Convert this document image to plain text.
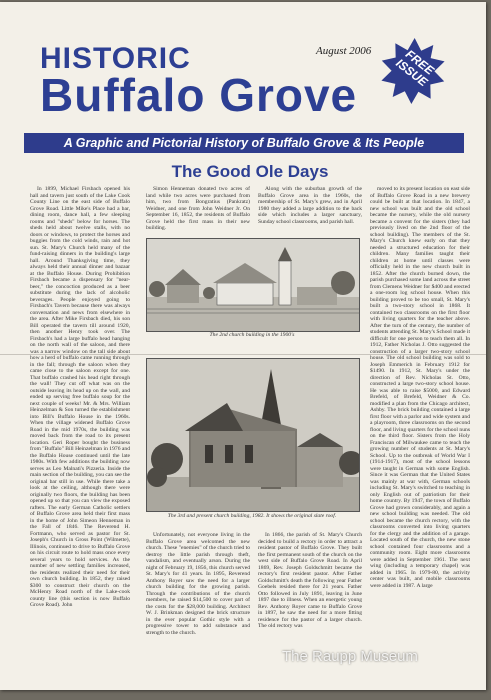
HISTORIC
Buffalo Grove
August 2006	FREE ISSUE
A Graphic and Pictorial History of Buffalo Grove & Its People
The Good Ole Days

In 1899, Michael Firsbach opened his hall and tavern just south of the Lake Cook County Line on the east side of Buffalo Grove Road. Little Mike's Place had a bar, dining room, dance hall, a few sleeping rooms and "sheds" below for horses. The sheds held about twelve stalls, with no doors or windows, to protect the horses and buggies from the cold winds, rain and hot sun. St. Mary's Church held many of the fund-raising dinners in the building's large hall. Around Thanksgiving time, they always held their annual dinner and bazaar at the Buffalo House. During Prohibition Firsbach became a dispensary for "near-beer," the concoction produced as a beer substitute during the lack of alcoholic beverages. People enjoyed going to Firsbach's Tavern because there was always conversation and news from elsewhere in the area. After Mike Firsbach died, his son Bill operated the tavern till around 1920, then another Henry took over. The Firsbach's had a large buffalo head hanging on the north wall of the saloon, and there was a narrow window on the tall side about how a herd of buffalo came running through in the fall; through the saloon when they came close to the saloon except for one. That buffalo crashed his head right through the wall! They cut off what was on the outside leaving its head up on the wall, and ended up serving free buffalo soup for the next couple of weeks! Mr. & Mrs. William Heinzelman & Son turned the establishment into Bill's Buffalo House in the 1960s. When the village widened Buffalo Grove Road in the mid 1970s, the building was moved back from the road to its present location. Geri Roper bought the business from "Buffalo" Bill Heinzelman in 1976 and the Buffalo House continued until the late 1980s. With few additions the building now serves as Leo Malnati's Pizzeria. Inside the main section of the building, you can see the original bar still in use. While there take a look at the ceiling, although there were originally two floors, the building has been opened up so that you can view the exposed rafters. The early German Catholic settlers of Buffalo Grove area held their first mass in the home of John Simeon Henneman in the Fall of 1846. The Reverend H. Fortmann, who served as pastor for St. Joseph's Church in Gross Point (Wilmette), Illinois, continued to drive to Buffalo Grove on his circuit route to hold mass once every several years to hold services. As the number of new settling families increased, the residents realized their need for their own church building. In 1852, they raised $300 to construct their church on the McHenry Road north of the Lake-cook county line (this section is now Buffalo Grove Road). John

Simon Henneman donated two acres of land while two acres were purchased from him, two from Bongratius (Pankratz) Weidner, and one from John Weidner Jr. On September 16, 1852, the residents of Buffalo Grove held the first mass in their new building.

Along with the suburban growth of the Buffalo Grove area in the 1960s, the membership of St. Mary's grew, and in April 1980 they added a large addition to the back side which includes a larger sanctuary, Sunday school classrooms, and parish hall.

The 2nd church building in the 1900's
The 3rd and present church building, 1982. It shows the original slate roof.

Unfortunately, not everyone living in the Buffalo Grove area welcomed the new church. These "enemies" of the church tried to destroy the little parish through theft, vandalism, and eventually arson. During the night of February 19, 1856, this church served St. Mary's for 41 years. In 1895, Reverend Anthony Royer saw the need for a larger church building for the growing parish. Through the contributions of the church members, he raised $14,500 to cover part of the costs for the $28,000 building. Architect W. J. Brinkman designed the brick structure in the ever popular Gothic style with a progressive tower to add substance and strength to the church.

In 1866, the parish of St. Mary's Church decided to build a rectory in order to attract a resident pastor of Buffalo Grove. They built the first permanent south of the church on the west side of Buffalo Grove Road. In April 1869, Rev. Joseph Goldschmitt became the rectory's first resident pastor. After Father Goldschmitt's death the following year Father Goebels resided there for 21 years. Father Otto followed in July 1891, leaving in June 1897 due to illness. When an energetic young Rev. Anthony Royer came to Buffalo Grove in 1897, he saw the need for a more fitting residence for the pastor of a larger church. The old rectory was

moved to its present location on east side of Buffalo Grove Road in a new brewery could be built at that location. In 1847, a new school was built and the old school became the nursery, while the old nursery became a convent for the sisters (they had previously lived on the 2nd floor of the school building). The members of the St. Mary's Church knew early on that they needed a structured education for their children. Many families taught their children at home until classes were officially held in the new church built in 1852. After the church burned down, the parish purchased some land across the street from Clemens Weidner for $400 and erected a one-room log school house. When this building proved to be too small, St. Mary's built a two-story school in 1868. It contained two classrooms on the first floor with living quarters for the teacher above. After the turn of the century, the number of students attending St. Mary's School made it difficult for one person to teach them all. In 1912, Father Nicholas J. Otto suggested the construction of a larger two-story school house. The old school building was sold to Joseph Emmerich in February 1912 for $1490. In 1912, St. Mary's under the direction of Rev. Nicholas St. Otto, constructed a large two-story school house. He was able to raise $5000, and Edward Brefeld, of Brefeld, Weidner & Co. modified a plan from the Chicago architect, Ashby. The brick building contained a large first floor with a parlor and wide system and a playroom, three classrooms on the second floor, and living quarters for the school nuns on the third floor. Sisters from the Holy Franciscan of Milwaukee came to teach the growing number of students at St. Mary's School. Up to the outbreak of World War I (1914-1917), most of the school lessons were taught in German with some English. Since it was German that the United States was mainly at war with, German schools including St. Mary's switched to teaching in only English out of patriotism for their home country. By 1947, the town of Buffalo Grove had grown considerably, and again a new school building was needed. The old school became the church rectory, with the classrooms converted into living quarters for the clergy and the addition of a garage. Located south of the church, the new stone school contained four classrooms and a community room. Eight more classrooms were added in September 1961. The next wing (including a temporary chapel) was added in 1965. In 1979-80, the activity center was built, and mobile classrooms were added in 1987. A large

The Raupp Museum
